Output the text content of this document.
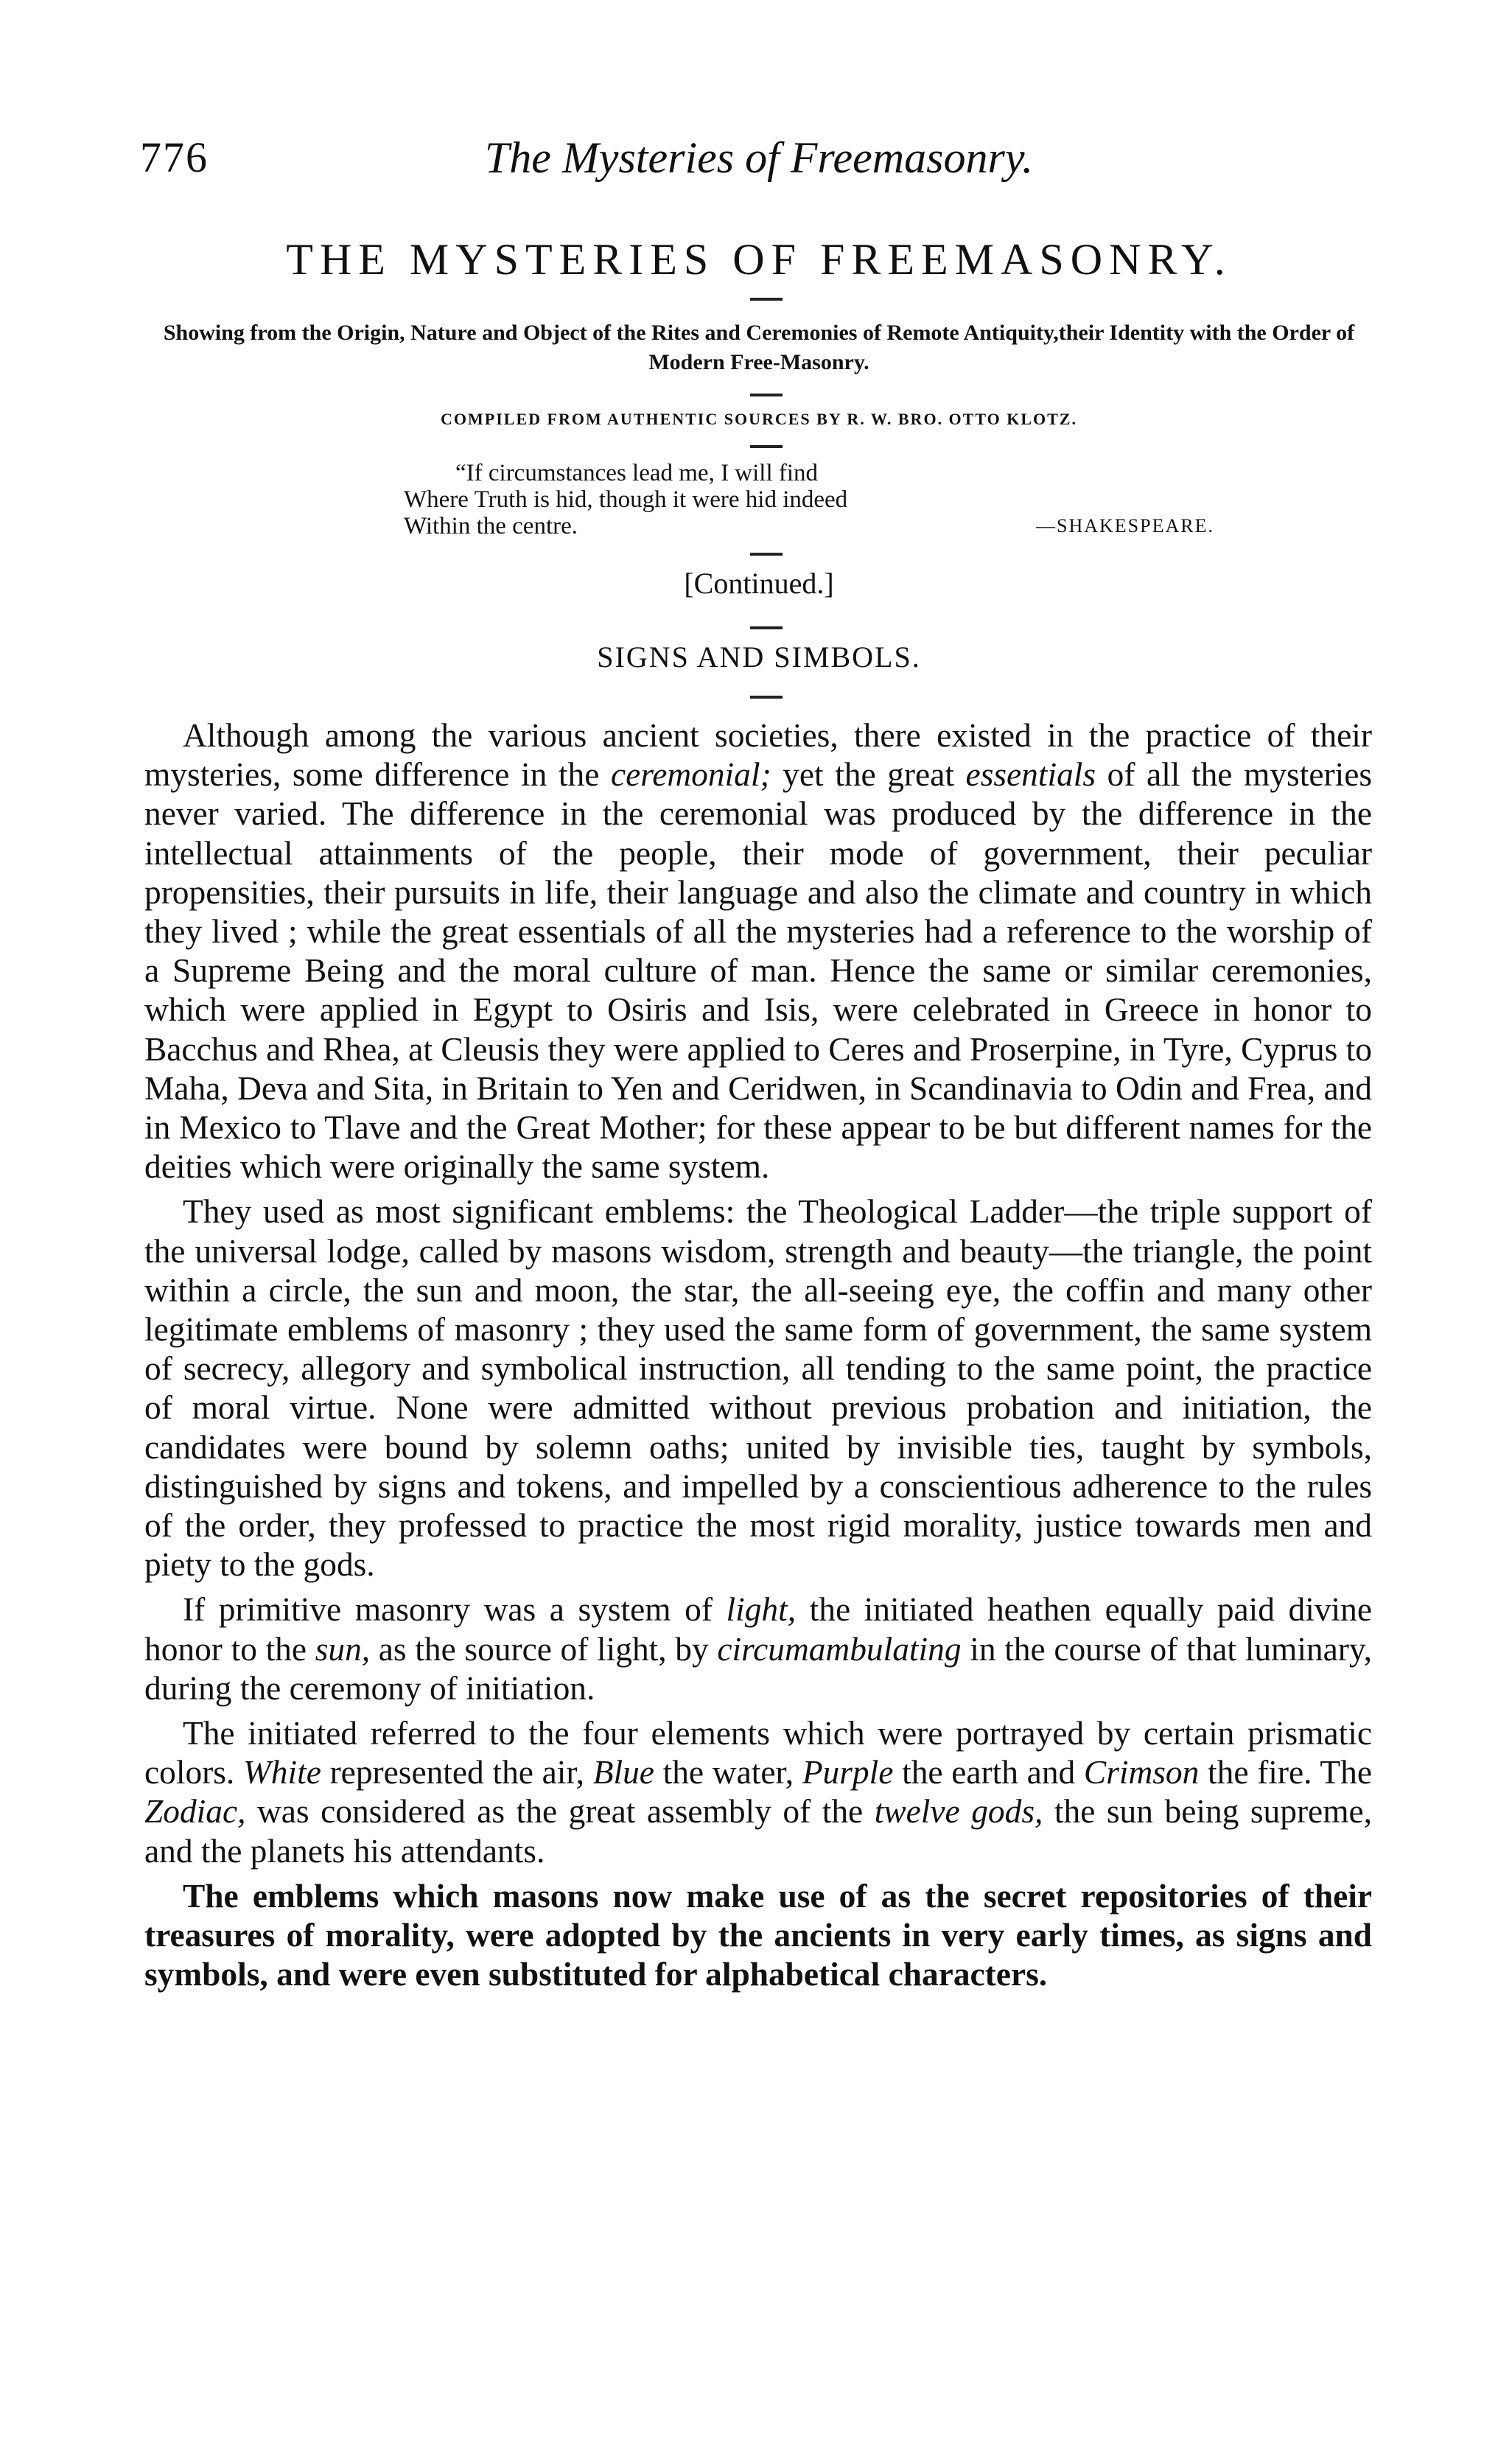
The Mysteries of Freemasonry.
776
THE MYSTERIES OF FREEMASONRY.
Showing from the Origin, Nature and Object of the Rites and Ceremonies of Remote Antiquity,their Identity with the Order of Modern Free-Masonry.
COMPILED FROM AUTHENTIC SOURCES BY R. W. BRO. OTTO KLOTZ.
“If circumstances lead me, I will find
Where Truth is hid, though it were hid indeed
Within the centre.	—SHAKESPEARE.
[Continued.]
SIGNS AND SIMBOLS.

Although among the various ancient societies, there existed in the practice of their mysteries, some difference in the ceremonial; yet the great essentials of all the mysteries never varied. The difference in the ceremonial was produced by the difference in the intellectual attainments of the people, their mode of government, their peculiar propensities, their pursuits in life, their language and also the climate and country in which they lived ; while the great essentials of all the mysteries had a reference to the worship of a Supreme Being and the moral culture of man. Hence the same or similar ceremonies, which were applied in Egypt to Osiris and Isis, were celebrated in Greece in honor to Bacchus and Rhea, at Cleusis they were applied to Ceres and Proserpine, in Tyre, Cyprus to Maha, Deva and Sita, in Britain to Yen and Ceridwen, in Scandinavia to Odin and Frea, and in Mexico to Tlave and the Great Mother; for these appear to be but different names for the deities which were originally the same system.

They used as most significant emblems: the Theological Ladder—the triple support of the universal lodge, called by masons wisdom, strength and beauty—the triangle, the point within a circle, the sun and moon, the star, the all-seeing eye, the coffin and many other legitimate emblems of masonry ; they used the same form of government, the same system of secrecy, allegory and symbolical instruction, all tending to the same point, the practice of moral virtue. None were admitted without previous probation and initiation, the candidates were bound by solemn oaths; united by invisible ties, taught by symbols, distinguished by signs and tokens, and impelled by a conscientious adherence to the rules of the order, they professed to practice the most rigid morality, justice towards men and piety to the gods.

If primitive masonry was a system of light, the initiated heathen equally paid divine honor to the sun, as the source of light, by circumambulating in the course of that luminary, during the ceremony of initiation.

The initiated referred to the four elements which were portrayed by certain prismatic colors. White represented the air, Blue the water, Purple the earth and Crimson the fire. The Zodiac, was considered as the great assembly of the twelve gods, the sun being supreme, and the planets his attendants.

The emblems which masons now make use of as the secret repositories of their treasures of morality, were adopted by the ancients in very early times, as signs and symbols, and were even substituted for alphabetical characters.
